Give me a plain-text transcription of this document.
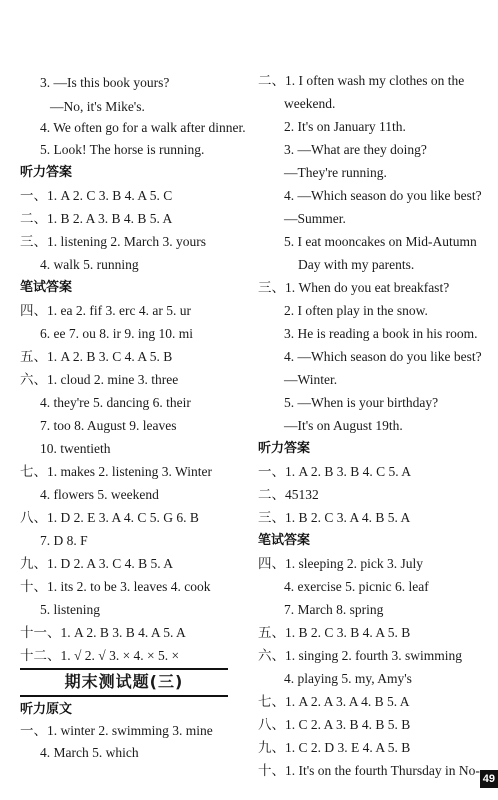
3. —Is this book yours?
—No, it's Mike's.
4. We often go for a walk after dinner.
5. Look! The horse is running.
听力答案
一、1. A 2. C 3. B 4. A 5. C
二、1. B 2. A 3. B 4. B 5. A
三、1. listening 2. March 3. yours
4. walk 5. running
笔试答案
四、1. ea 2. fif 3. erc 4. ar 5. ur
6. ee 7. ou 8. ir 9. ing 10. mi
五、1. A 2. B 3. C 4. A 5. B
六、1. cloud 2. mine 3. three
4. they're 5. dancing 6. their
7. too 8. August 9. leaves
10. twentieth
七、1. makes 2. listening 3. Winter
4. flowers 5. weekend
八、1. D 2. E 3. A 4. C 5. G 6. B
7. D 8. F
九、1. D 2. A 3. C 4. B 5. A
十、1. its 2. to be 3. leaves 4. cook
5. listening
十一、1. A 2. B 3. B 4. A 5. A
十二、1. √ 2. √ 3. × 4. × 5. ×
期末测试题(三)
听力原文
一、1. winter 2. swimming 3. mine
4. March 5. which
二、1. I often wash my clothes on the
weekend.
2. It's on January 11th.
3. —What are they doing?
—They're running.
4. —Which season do you like best?
—Summer.
5. I eat mooncakes on Mid-Autumn
Day with my parents.
三、1. When do you eat breakfast?
2. I often play in the snow.
3. He is reading a book in his room.
4. —Which season do you like best?
—Winter.
5. —When is your birthday?
—It's on August 19th.
听力答案
一、1. A 2. B 3. B 4. C 5. A
二、45132
三、1. B 2. C 3. A 4. B 5. A
笔试答案
四、1. sleeping 2. pick 3. July
4. exercise 5. picnic 6. leaf
7. March 8. spring
五、1. B 2. C 3. B 4. A 5. B
六、1. singing 2. fourth 3. swimming
4. playing 5. my, Amy's
七、1. A 2. A 3. A 4. B 5. A
八、1. C 2. A 3. B 4. B 5. B
九、1. C 2. D 3. E 4. A 5. B
十、1. It's on the fourth Thursday in No-
49
